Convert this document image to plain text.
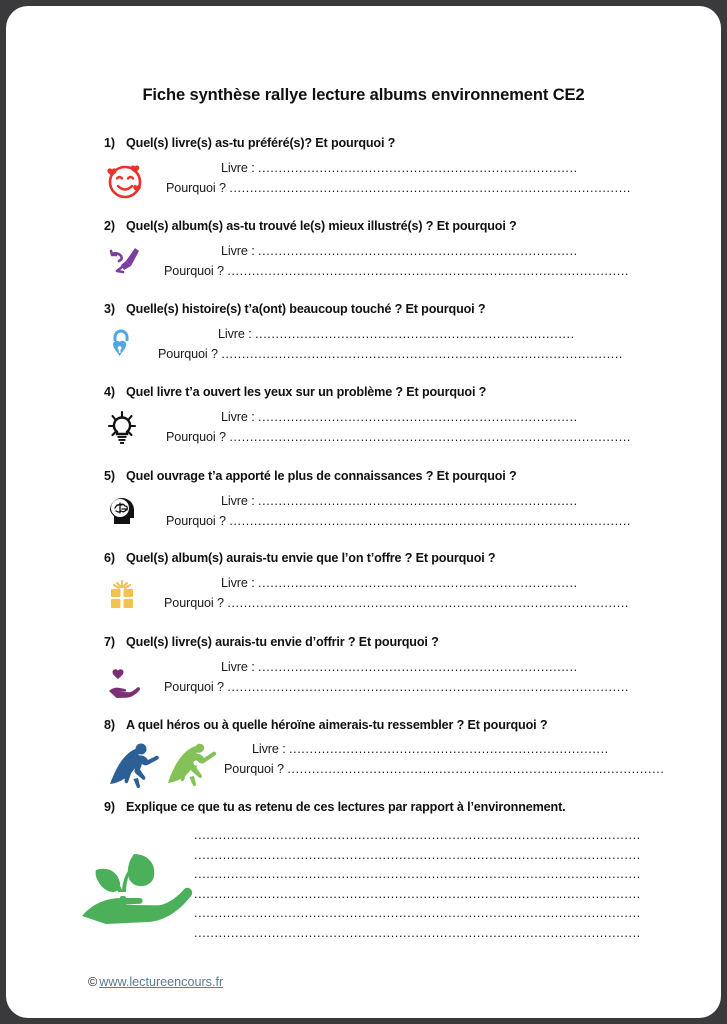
Fiche synthèse rallye lecture albums environnement CE2
1) Quel(s) livre(s) as-tu préféré(s)? Et pourquoi ?
Livre : ..............................................................................
Pourquoi ? ..................................................................................................
2) Quel(s) album(s) as-tu trouvé le(s) mieux illustré(s) ? Et pourquoi ?
Livre : ..............................................................................
Pourquoi ? ..................................................................................................
3) Quelle(s) histoire(s) t’a(ont) beaucoup touché ? Et pourquoi ?
Livre : ..............................................................................
Pourquoi ? ..................................................................................................
4) Quel livre t’a ouvert les yeux sur un problème ? Et pourquoi ?
Livre : ..............................................................................
Pourquoi ? ..................................................................................................
5) Quel ouvrage t’a apporté le plus de connaissances ? Et pourquoi ?
Livre : ..............................................................................
Pourquoi ? ..................................................................................................
6) Quel(s) album(s) aurais-tu envie que l’on t’offre ? Et pourquoi ?
Livre : ..............................................................................
Pourquoi ? ..................................................................................................
7) Quel(s) livre(s) aurais-tu envie d’offrir ? Et pourquoi ?
Livre : ..............................................................................
Pourquoi ? ..................................................................................................
8) A quel héros ou à quelle héroïne aimerais-tu ressembler ? Et pourquoi ?
Livre : ..............................................................................
Pourquoi ? ............................................................................................
9) Explique ce que tu as retenu de ces lectures par rapport à l’environnement.
.............................................................................................................
.............................................................................................................
.............................................................................................................
.............................................................................................................
.............................................................................................................
.............................................................................................................
© www.lectureencours.fr
